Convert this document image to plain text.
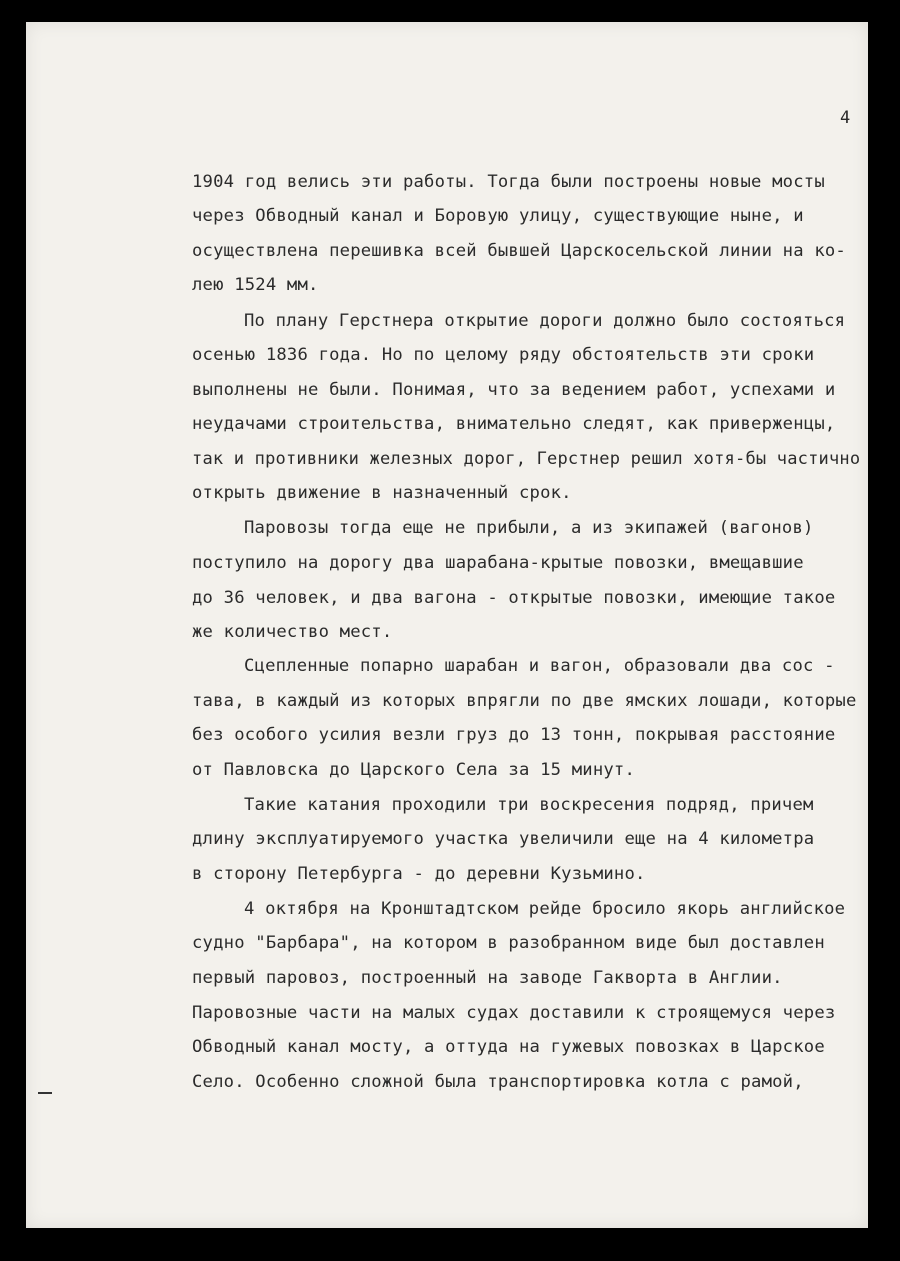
4
1904 год велись эти работы. Тогда были построены новые мосты
через Обводный канал и Боровую улицу, существующие ныне, и
осуществлена перешивка всей бывшей Царскосельской линии на ко-
лею 1524 мм.
По плану Герстнера открытие дороги должно было состояться
осенью 1836 года. Но по целому ряду обстоятельств эти сроки
выполнены не были. Понимая, что за ведением работ, успехами и
неудачами строительства, внимательно следят, как приверженцы,
так и противники железных дорог, Герстнер решил хотя-бы частично
открыть движение в назначенный срок.
Паровозы тогда еще не прибыли, а из экипажей (вагонов)
поступило на дорогу два шарабана-крытые повозки, вмещавшие
до 36 человек, и два вагона - открытые повозки, имеющие такое
же количество мест.
Сцепленные попарно шарабан и вагон, образовали два сос -
тава, в каждый из которых впрягли по две ямских лошади, которые
без особого усилия везли груз до 13 тонн, покрывая расстояние
от Павловска до Царского Села за 15 минут.
Такие катания проходили три воскресения подряд, причем
длину эксплуатируемого участка увеличили еще на 4 километра
в сторону Петербурга - до деревни Кузьмино.
4 октября на Кронштадтском рейде бросило якорь английское
судно "Барбара", на котором в разобранном виде был доставлен
первый паровоз, построенный на заводе Гакворта в Англии.
Паровозные части на малых судах доставили к строящемуся через
Обводный канал мосту, а оттуда на гужевых повозках в Царское
Село. Особенно сложной была транспортировка котла с рамой,
